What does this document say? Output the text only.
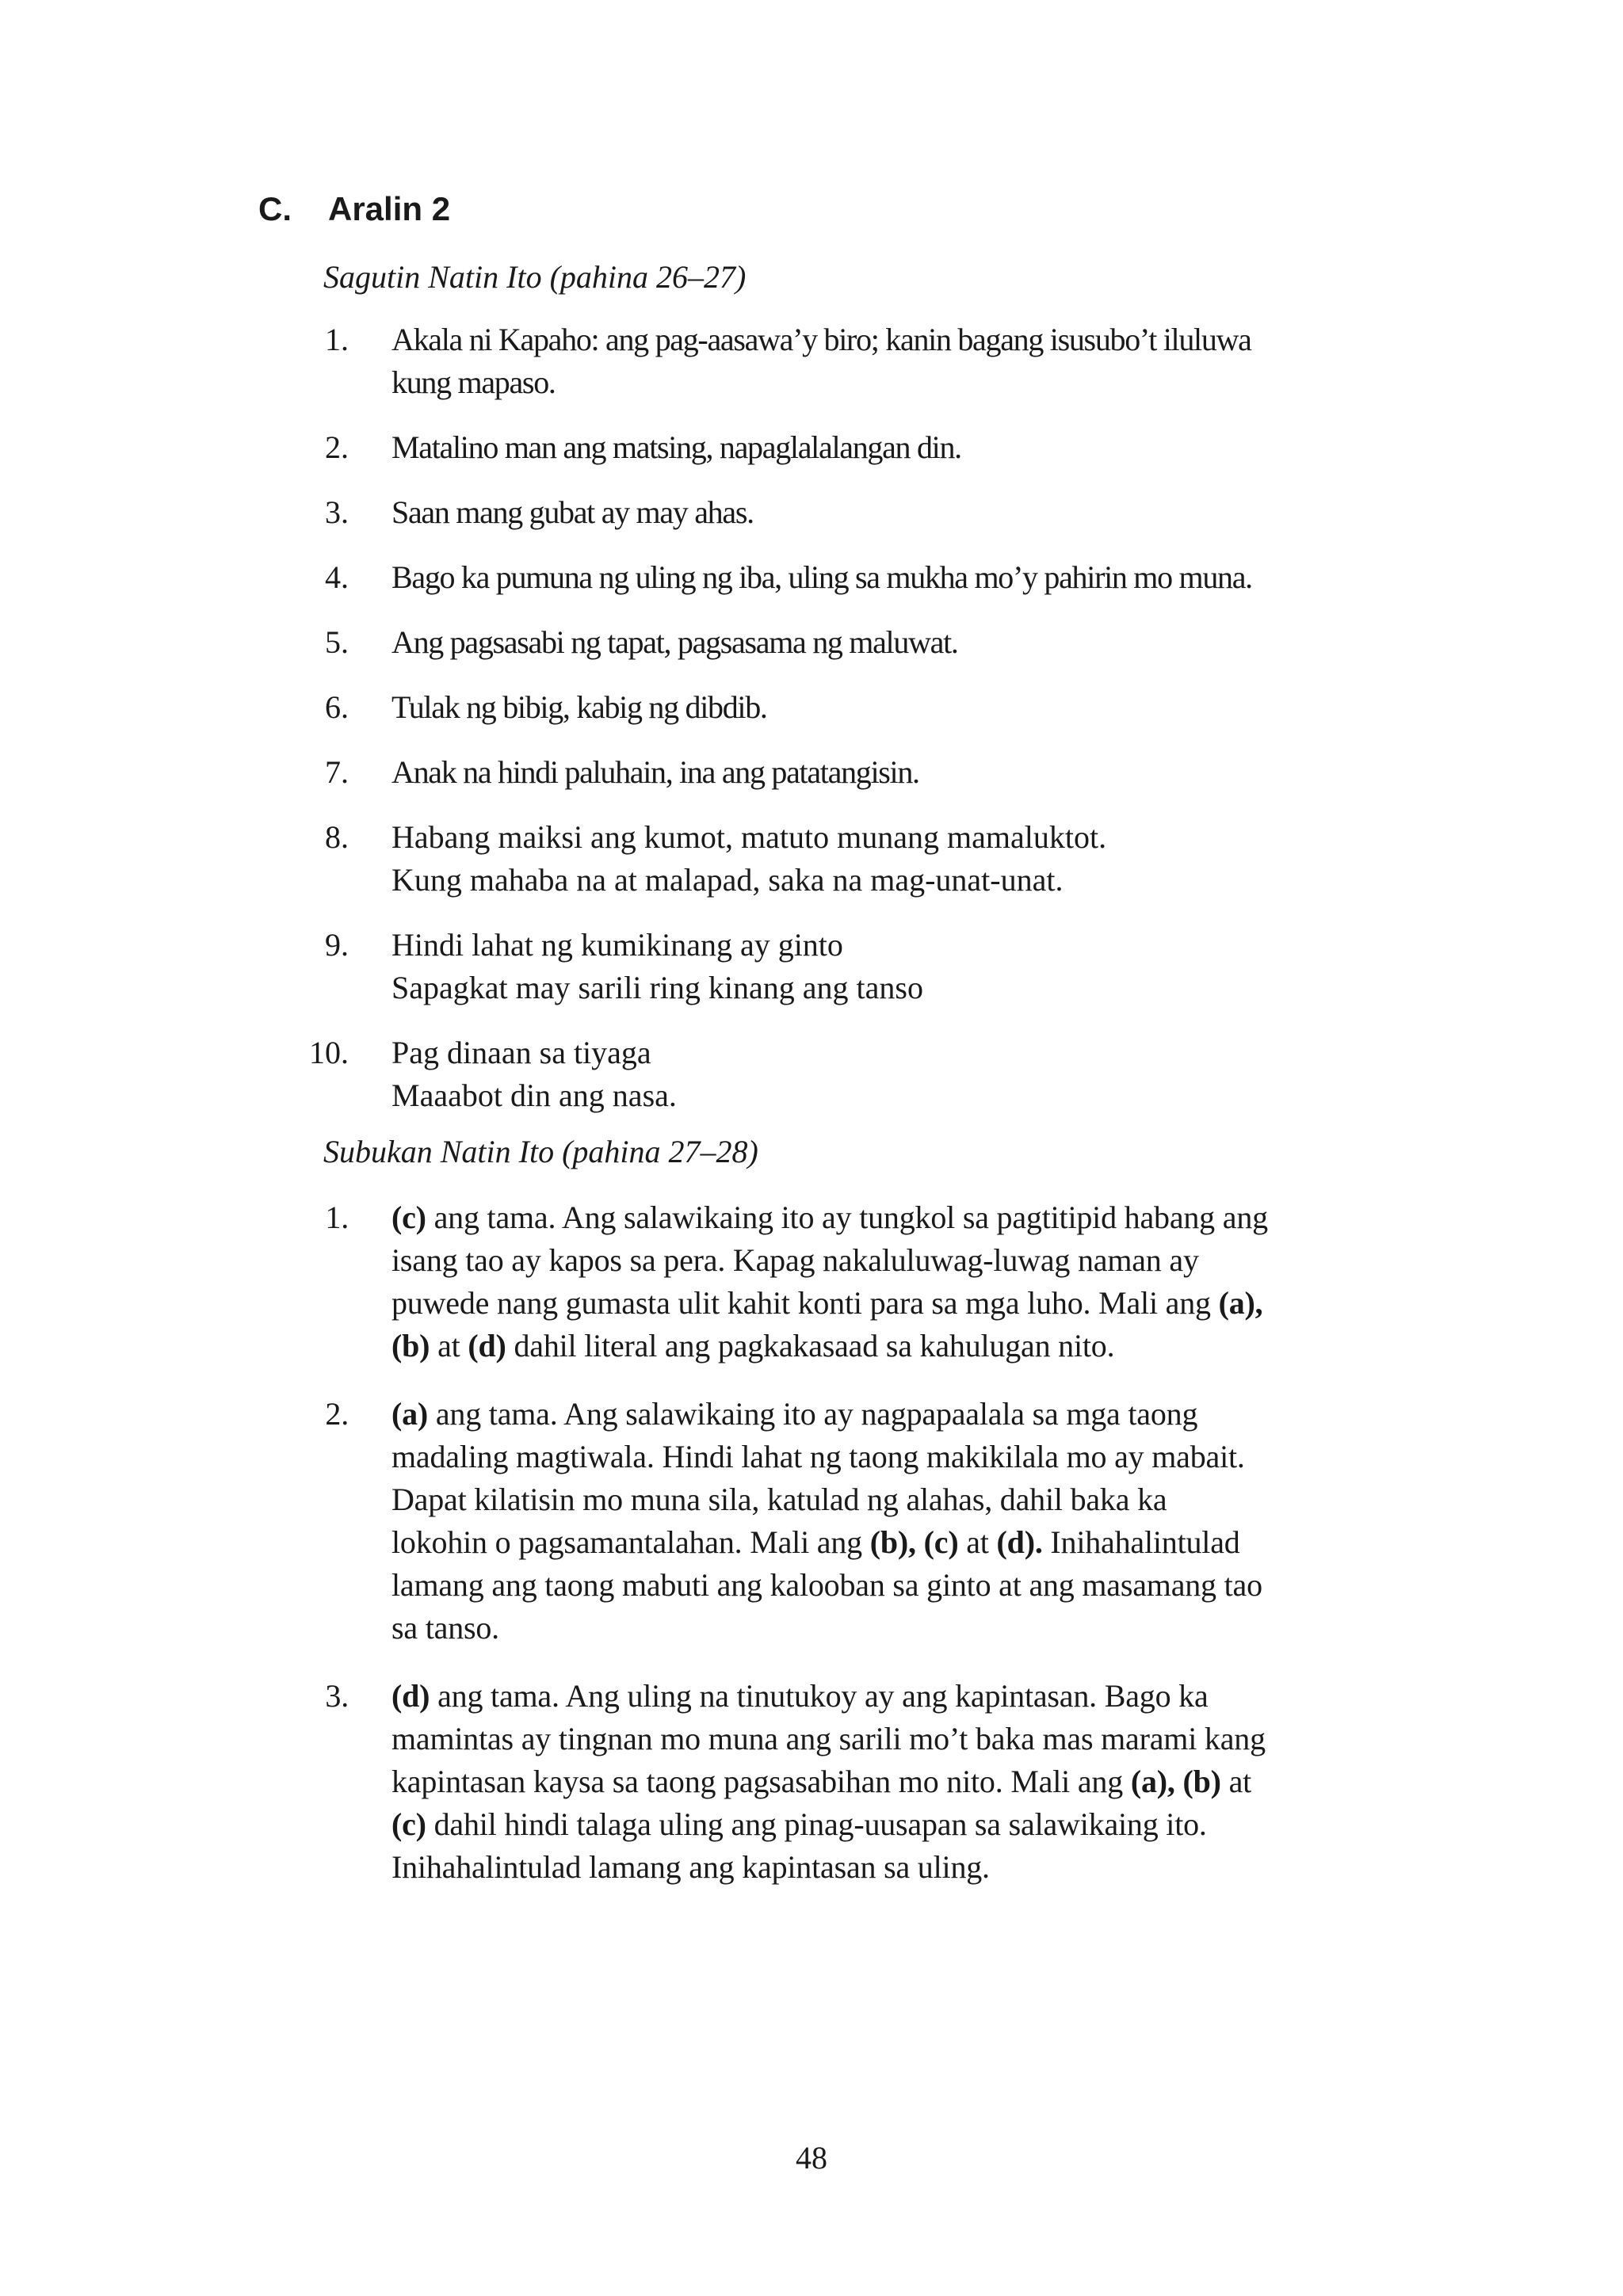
C. Aralin 2
Sagutin Natin Ito (pahina 26–27)
1. Akala ni Kapaho: ang pag-aasawa’y biro; kanin bagang isusubo’t iluluwa
kung mapaso.
2. Matalino man ang matsing, napaglalalangan din.
3. Saan mang gubat ay may ahas.
4. Bago ka pumuna ng uling ng iba, uling sa mukha mo’y pahirin mo muna.
5. Ang pagsasabi ng tapat, pagsasama ng maluwat.
6. Tulak ng bibig, kabig ng dibdib.
7. Anak na hindi paluhain, ina ang patatangisin.
8. Habang maiksi ang kumot, matuto munang mamaluktot.
Kung mahaba na at malapad, saka na mag-unat-unat.
9. Hindi lahat ng kumikinang ay ginto
Sapagkat may sarili ring kinang ang tanso
10. Pag dinaan sa tiyaga
Maaabot din ang nasa.
Subukan Natin Ito (pahina 27–28)
1. (c) ang tama. Ang salawikaing ito ay tungkol sa pagtitipid habang ang
isang tao ay kapos sa pera. Kapag nakaluluwag-luwag naman ay
puwede nang gumasta ulit kahit konti para sa mga luho. Mali ang (a),
(b) at (d) dahil literal ang pagkakasaad sa kahulugan nito.
2. (a) ang tama. Ang salawikaing ito ay nagpapaalala sa mga taong
madaling magtiwala. Hindi lahat ng taong makikilala mo ay mabait.
Dapat kilatisin mo muna sila, katulad ng alahas, dahil baka ka
lokohin o pagsamantalahan. Mali ang (b), (c) at (d). Inihahalintulad
lamang ang taong mabuti ang kalooban sa ginto at ang masamang tao
sa tanso.
3. (d) ang tama. Ang uling na tinutukoy ay ang kapintasan. Bago ka
mamintas ay tingnan mo muna ang sarili mo’t baka mas marami kang
kapintasan kaysa sa taong pagsasabihan mo nito. Mali ang (a), (b) at
(c) dahil hindi talaga uling ang pinag-uusapan sa salawikaing ito.
Inihahalintulad lamang ang kapintasan sa uling.
48
